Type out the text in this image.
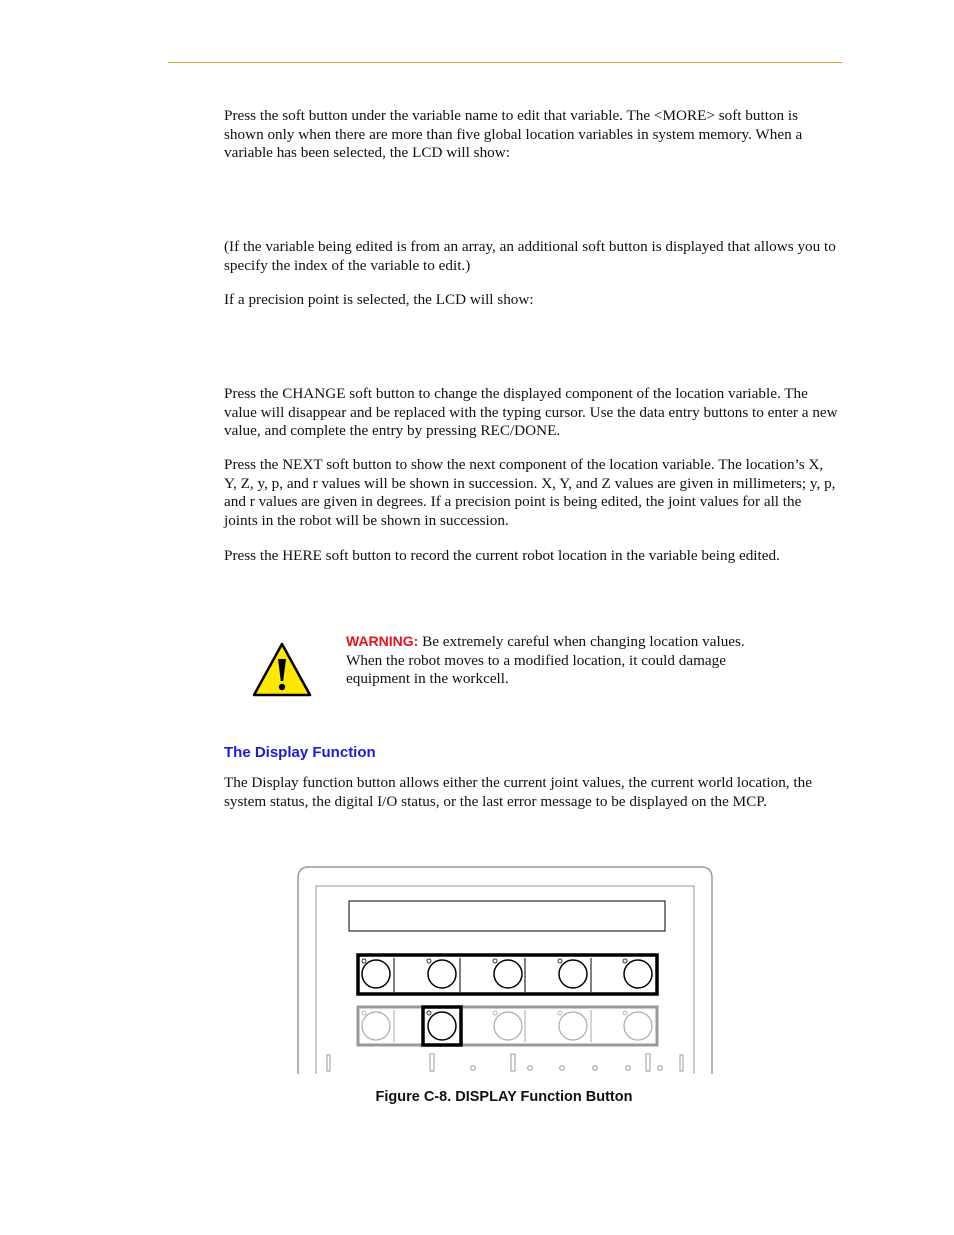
Press the soft button under the variable name to edit that variable. The <MORE> soft button is shown only when there are more than five global location variables in system memory. When a variable has been selected, the LCD will show:

(If the variable being edited is from an array, an additional soft button is displayed that allows you to specify the index of the variable to edit.)

If a precision point is selected, the LCD will show:

Press the CHANGE soft button to change the displayed component of the location variable. The value will disappear and be replaced with the typing cursor. Use the data entry buttons to enter a new value, and complete the entry by pressing REC/DONE.

Press the NEXT soft button to show the next component of the location variable. The location’s X, Y, Z, y, p, and r values will be shown in succession. X, Y, and Z values are given in millimeters; y, p, and r values are given in degrees. If a precision point is being edited, the joint values for all the joints in the robot will be shown in succession.

Press the HERE soft button to record the current robot location in the variable being edited.

WARNING: Be extremely careful when changing location values. When the robot moves to a modified location, it could damage equipment in the workcell.

The Display Function

The Display function button allows either the current joint values, the current world location, the system status, the digital I/O status, or the last error message to be displayed on the MCP.

Figure C-8. DISPLAY Function Button
